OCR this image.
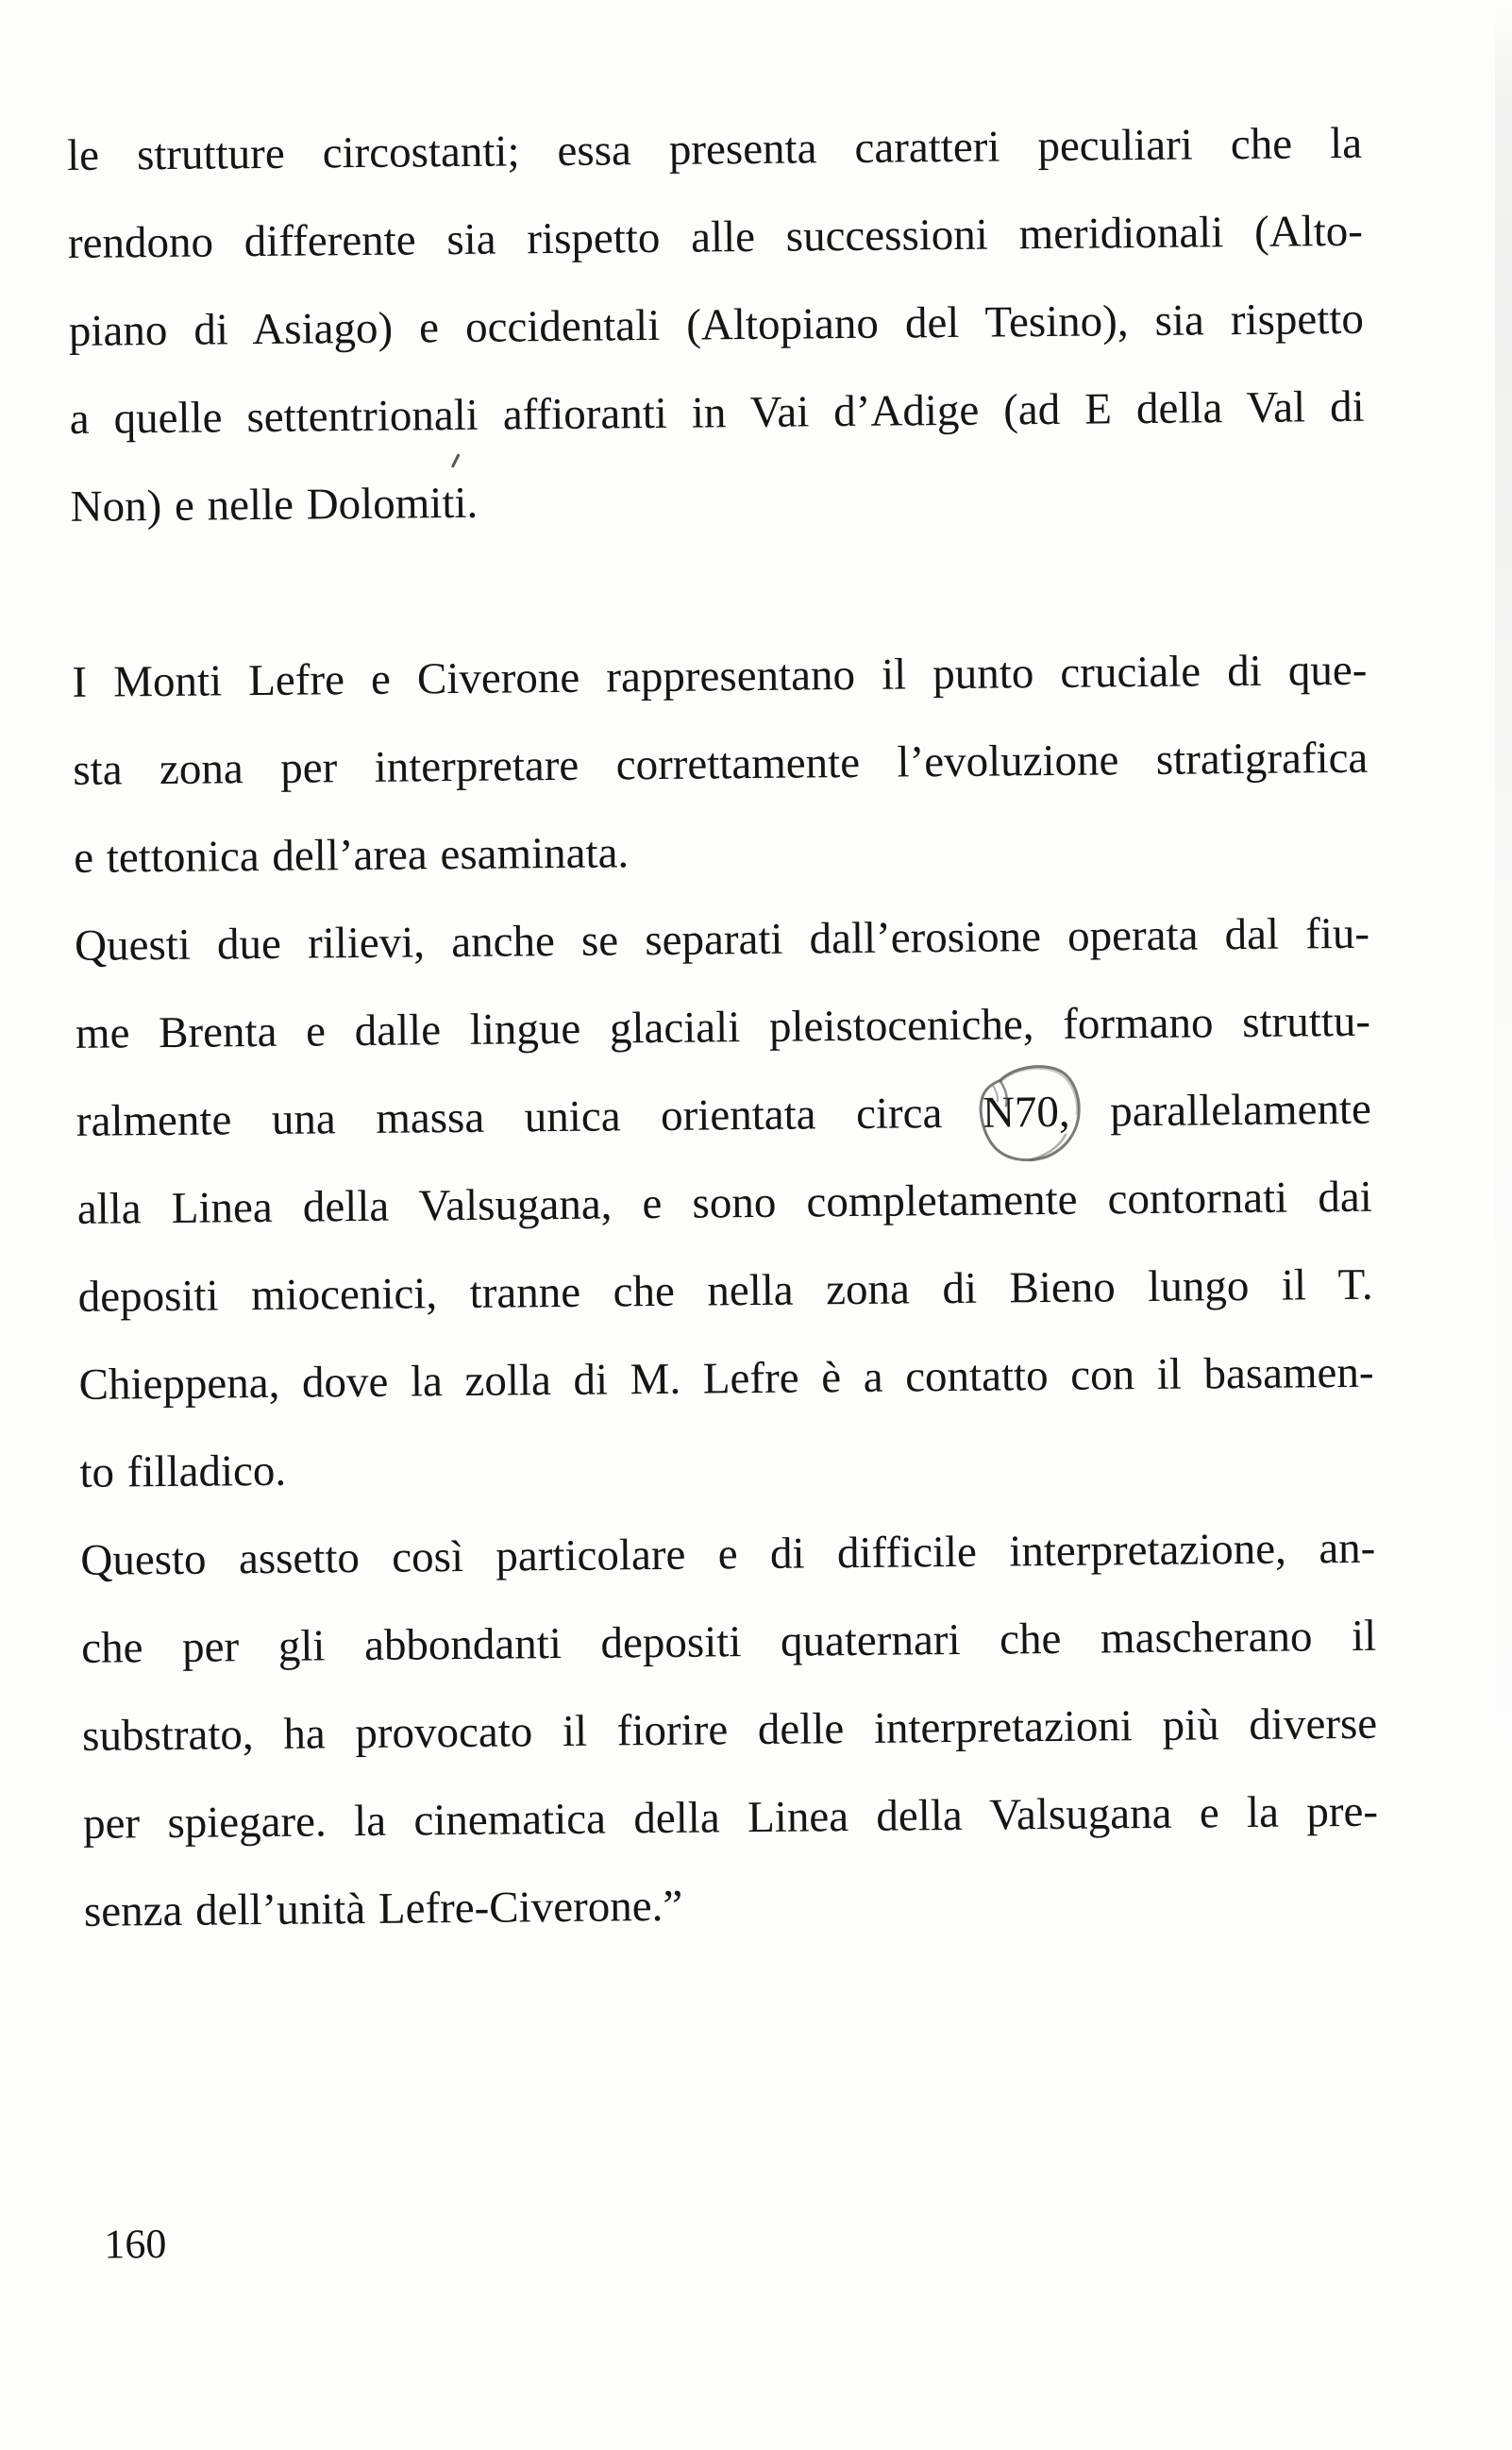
le strutture circostanti; essa presenta caratteri peculiari che la
rendono differente sia rispetto alle successioni meridionali (Alto-
piano di Asiago) e occidentali (Altopiano del Tesino), sia rispetto
a quelle settentrionali affioranti in Vai d’Adige (ad E della Val di
Non) e nelle Dolomiti.
I Monti Lefre e Civerone rappresentano il punto cruciale di que-
sta zona per interpretare correttamente l’evoluzione stratigrafica
e tettonica dell’area esaminata.
Questi due rilievi, anche se separati dall’erosione operata dal fiu-
me Brenta e dalle lingue glaciali pleistoceniche, formano struttu-
ralmente una massa unica orientata circa
N70, parallelamente
alla Linea della Valsugana, e sono completamente contornati dai
depositi miocenici, tranne che nella zona di Bieno lungo il T.
Chieppena, dove la zolla di M. Lefre è a contatto con il basamen-
to filladico.
Questo assetto così particolare e di difficile interpretazione, an-
che per gli abbondanti depositi quaternari che mascherano il
substrato, ha provocato il fiorire delle interpretazioni più diverse
per spiegare. la cinematica della Linea della Valsugana e la pre-
senza dell’unità Lefre-Civerone.”
160
